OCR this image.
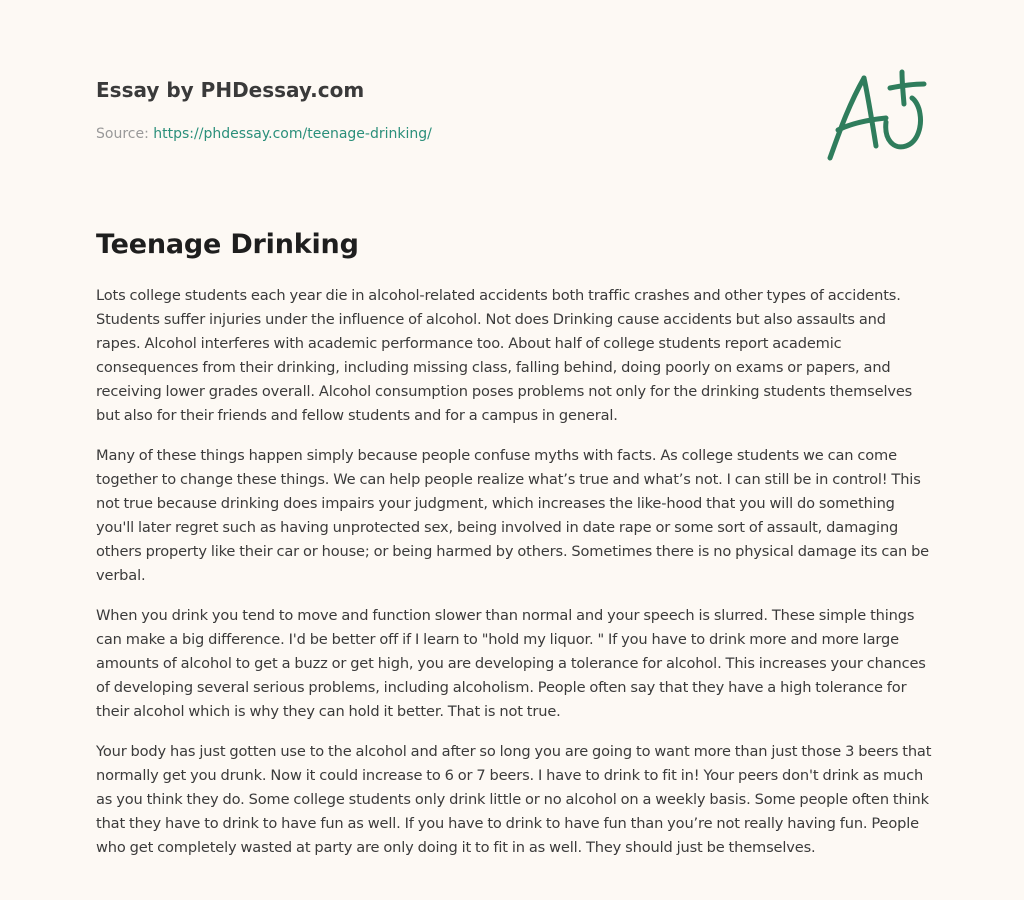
Essay by PHDessay.com
Source: https://phdessay.com/teenage-drinking/
Teenage Drinking

Lots college students each year die in alcohol-related accidents both traffic crashes and other types of accidents. Students suffer injuries under the influence of alcohol. Not does Drinking cause accidents but also assaults and rapes. Alcohol interferes with academic performance too. About half of college students report academic consequences from their drinking, including missing class, falling behind, doing poorly on exams or papers, and receiving lower grades overall. Alcohol consumption poses problems not only for the drinking students themselves but also for their friends and fellow students and for a campus in general.

Many of these things happen simply because people confuse myths with facts. As college students we can come together to change these things. We can help people realize what’s true and what’s not. I can still be in control! This not true because drinking does impairs your judgment, which increases the like-hood that you will do something you'll later regret such as having unprotected sex, being involved in date rape or some sort of assault, damaging others property like their car or house; or being harmed by others. Sometimes there is no physical damage its can be verbal.

When you drink you tend to move and function slower than normal and your speech is slurred. These simple things can make a big difference. I'd be better off if I learn to "hold my liquor. " If you have to drink more and more large amounts of alcohol to get a buzz or get high, you are developing a tolerance for alcohol. This increases your chances of developing several serious problems, including alcoholism. People often say that they have a high tolerance for their alcohol which is why they can hold it better. That is not true.

Your body has just gotten use to the alcohol and after so long you are going to want more than just those 3 beers that normally get you drunk. Now it could increase to 6 or 7 beers. I have to drink to fit in! Your peers don't drink as much as you think they do. Some college students only drink little or no alcohol on a weekly basis. Some people often think that they have to drink to have fun as well. If you have to drink to have fun than you’re not really having fun. People who get completely wasted at party are only doing it to fit in as well. They should just be themselves.
